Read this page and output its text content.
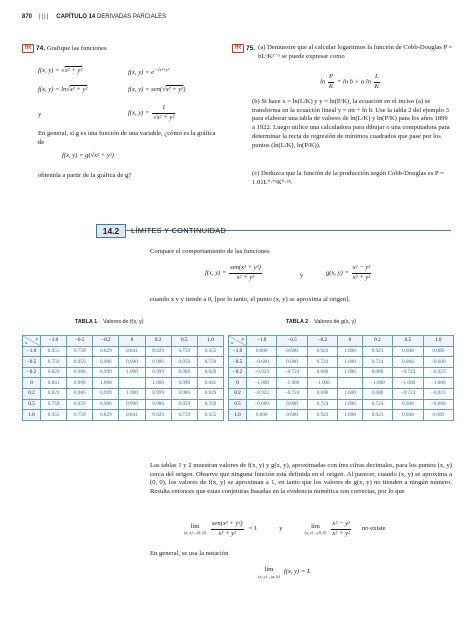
870 |||| CAPÍTULO 14 DERIVADAS PARCIALES
fR 74. Grafique las funciones
f(x, y) = √x² + y²	f(x, $y) = e^{-√x^2+y^2}$
f(x, y) = ln√x² + y²	f(x, y) = sen(√x² + y²)
y	f(x, $y) = \frac{1}{\text{√x² + y²}}$
En general, si g es una función de una variable, ¿cómo es la gráfica de
f(x, y) = g(√x² + y²)
obtenida a partir de la gráfica de g?
fR 75. (a) Demuestre que al calcular logaritmos la función de Cobb-Douglas P = bLᵅK¹⁻ᵅ se puede expresar como
$\ln \frac{P}{K} = \ln b + \alpha$ $\ln \frac{L}{K}$
(b) Si hace x = ln(L/K) y y = ln(P/K), la ecuación en el inciso (a) se transforma en la ecuación lineal y = αx + ln b. Use la tabla 2 del ejemplo 3 para elaborar una tabla de valores de ln(L/K) y ln(P/K) para los años 1899 a 1922. Luego utilice una calculadora para dibujar o una computadora para determinar la recta de regresión de mínimos cuadrados que pase por los puntos (ln(L/K), ln(P/K)).
(c) Deduzca que la función de la producción según Cobb-Douglas es P = 1.01L⁰·⁷⁵K⁰·²⁵.
14.2	LÍMITES Y CONTINUIDAD
Compare el comportamiento de las funciones
f(x, $y) = \frac{\text{sen(x² + y²)}}{\text{x² + y²}}$	y	g(x, $y) = \frac{\text{x² − y²}}{\text{x² + y²}}$
cuando x y y tiende a 0, [por lo tanto, el punto (x, y) se aproxima al origen].
TABLA 1 Valores de f(x, y)
y
x	−1.0	−0.5	−0.2	0	0.2	0.5	1.0
−1.0	0.455	0.759	0.829	0.841	0.829	0.759	0.455
−0.5	0.759	0.959	0.986	0.990	0.986	0.959	0.759
−0.2	0.829	0.986	0.999	1.000	0.999	0.986	0.829
0	0.841	0.990	1.000		1.000	0.990	0.841
0.2	0.829	0.986	0.999	1.000	0.999	0.986	0.829
0.5	0.759	0.959	0.986	0.990	0.986	0.959	0.759
1.0	0.455	0.759	0.829	0.841	0.829	0.759	0.455
TABLA 2 Valores de g(x, y)
y
x	−1.0	−0.5	−0.2	0	0.2	0.5	1.0
−1.0	0.000	0.600	0.923	1.000	0.923	0.600	0.000
−0.5	−0.600	0.000	0.724	1.000	0.724	0.000	−0.600
−0.2	−0.923	−0.724	0.000	1.000	0.000	−0.724	−0.923
0	−1.000	−1.000	−1.000		−1.000	−1.000	−1.000
0.2	−0.923	−0.724	0.000	1.000	0.000	−0.724	−0.923
0.5	−0.600	0.000	0.724	1.000	0.724	0.000	−0.600
1.0	0.000	0.600	0.923	1.000	0.923	0.600	0.000
Las tablas 1 y 2 muestran valores de f(x, y) y g(x, y), aproximadas con tres cifras decimales, para los puntos (x, y) cerca del origen. Observe que ninguna función está definida en el origen. Al parecer, cuando (x, y) se aproxima a (0, 0), los valores de f(x, y) se aproximan a 1, en tanto que los valores de g(x, y) no tienden a ningún número. Resulta entonces que estas conjeturas basadas en la evidencia numérica son correctas, por lo que
lím
(x, y)→(0, $0) \frac{\text{sen(x² + y²)}}{\text{x² + y²}} = 1$	y	lím
(x, y)→(0, $0) \frac{\text{x² − y²}}{\text{x² + y²}}$ no existe
En general, se usa la notación
lím
(x, y)→(a, b)
f(x, y) = L
